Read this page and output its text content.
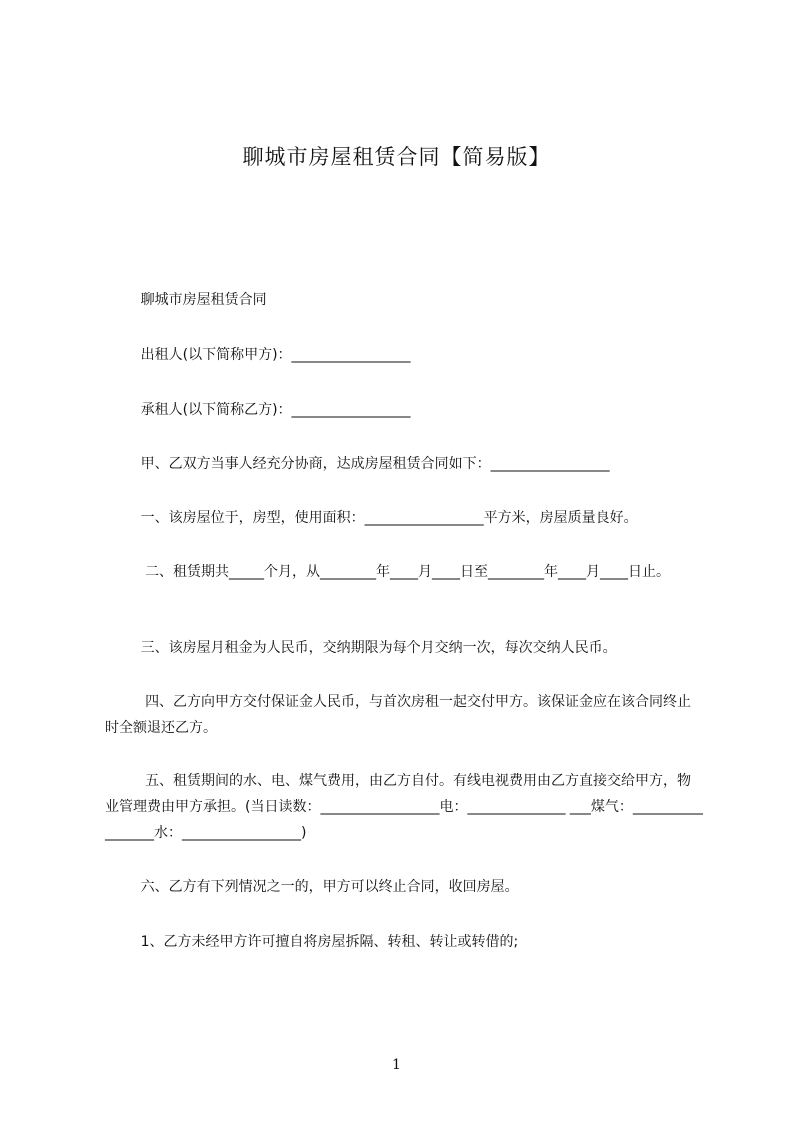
聊城市房屋租赁合同【简易版】
聊城市房屋租赁合同
出租人(以下简称甲方)：_________________
承租人(以下简称乙方)：_________________
甲、乙双方当事人经充分协商，达成房屋租赁合同如下：_________________
一、该房屋位于，房型，使用面积：_________________平方米，房屋质量良好。
二、租赁期共_____个月，从________年____月____日至________年____月____日止。
三、该房屋月租金为人民币，交纳期限为每个月交纳一次，每次交纳人民币。
四、乙方向甲方交付保证金人民币，与首次房租一起交付甲方。该保证金应在该合同终止时全额退还乙方。
五、租赁期间的水、电、煤气费用，由乙方自付。有线电视费用由乙方直接交给甲方，物业管理费由甲方承担。(当日读数：_________________电：______________ ___煤气：_________________水：_________________)
六、乙方有下列情况之一的，甲方可以终止合同，收回房屋。
1、乙方未经甲方许可擅自将房屋拆隔、转租、转让或转借的;
1
